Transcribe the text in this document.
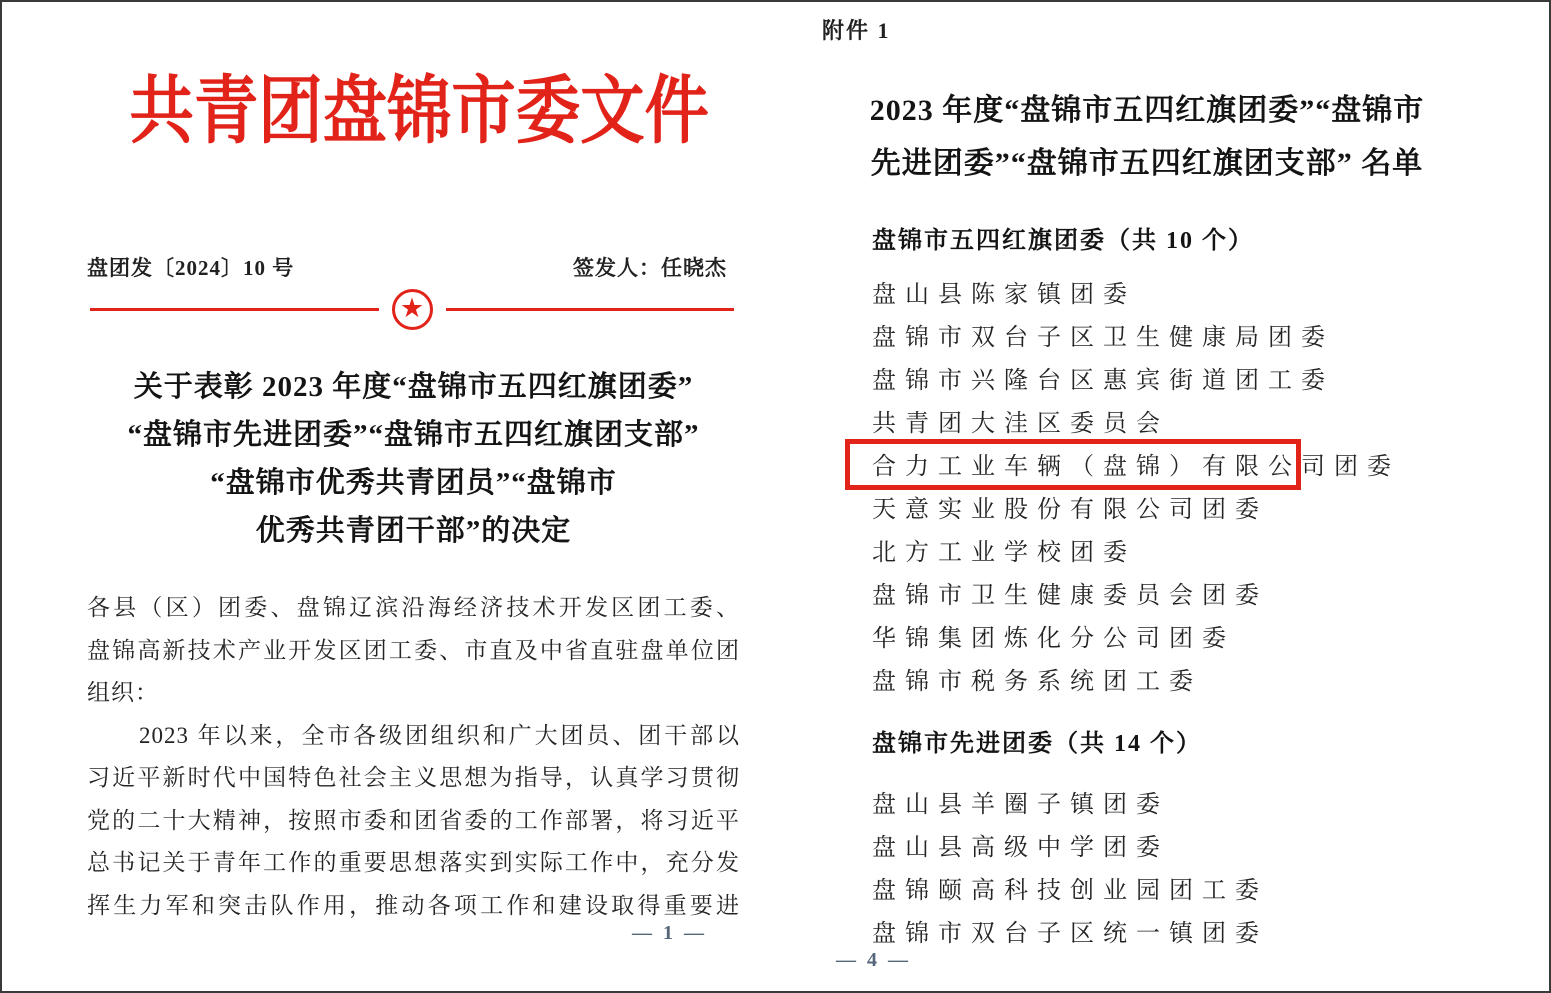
共青团盘锦市委文件
盘团发〔2024〕10 号	签发人：任晓杰
★
关于表彰 2023 年度“盘锦市五四红旗团委”
“盘锦市先进团委”“盘锦市五四红旗团支部”
“盘锦市优秀共青团员”“盘锦市
优秀共青团干部”的决定
各县（区）团委、盘锦辽滨沿海经济技术开发区团工委、
盘锦高新技术产业开发区团工委、市直及中省直驻盘单位团
组织：
2023 年以来，全市各级团组织和广大团员、团干部以
习近平新时代中国特色社会主义思想为指导，认真学习贯彻
党的二十大精神，按照市委和团省委的工作部署，将习近平
总书记关于青年工作的重要思想落实到实际工作中，充分发
挥生力军和突击队作用，推动各项工作和建设取得重要进
— 1 —
附件 1
2023 年度“盘锦市五四红旗团委”“盘锦市
先进团委”“盘锦市五四红旗团支部” 名单
盘锦市五四红旗团委（共 10 个）
盘山县陈家镇团委
盘锦市双台子区卫生健康局团委
盘锦市兴隆台区惠宾街道团工委
共青团大洼区委员会
合力工业车辆（盘锦）有限公司团委
天意实业股份有限公司团委
北方工业学校团委
盘锦市卫生健康委员会团委
华锦集团炼化分公司团委
盘锦市税务系统团工委
盘锦市先进团委（共 14 个）
盘山县羊圈子镇团委
盘山县高级中学团委
盘锦颐高科技创业园团工委
盘锦市双台子区统一镇团委
— 4 —
